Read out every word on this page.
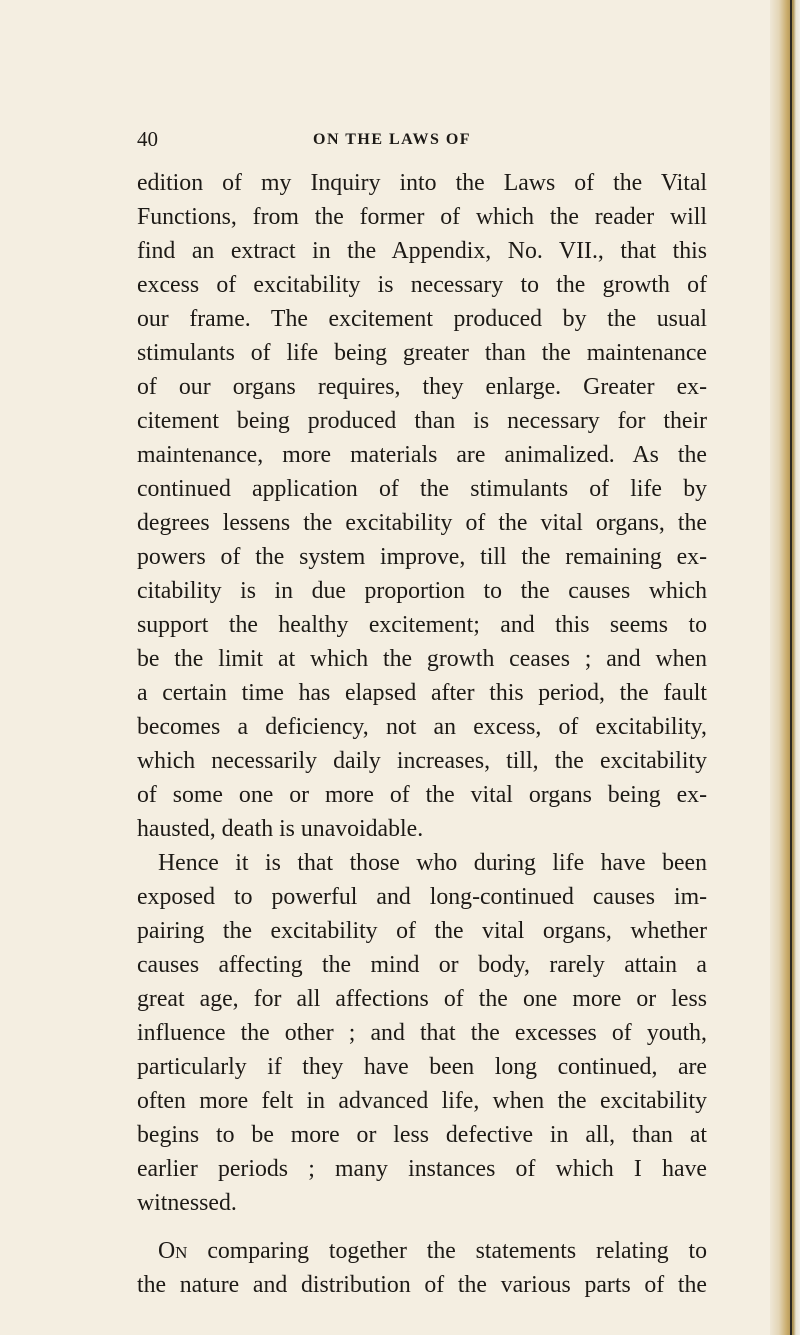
40	ON THE LAWS OF
edition of my Inquiry into the Laws of the Vital
Functions, from the former of which the reader will
find an extract in the Appendix, No. VII., that this
excess of excitability is necessary to the growth of
our frame. The excitement produced by the usual
stimulants of life being greater than the maintenance
of our organs requires, they enlarge. Greater ex-
citement being produced than is necessary for their
maintenance, more materials are animalized. As the
continued application of the stimulants of life by
degrees lessens the excitability of the vital organs, the
powers of the system improve, till the remaining ex-
citability is in due proportion to the causes which
support the healthy excitement; and this seems to
be the limit at which the growth ceases ; and when
a certain time has elapsed after this period, the fault
becomes a deficiency, not an excess, of excitability,
which necessarily daily increases, till, the excitability
of some one or more of the vital organs being ex-
hausted, death is unavoidable.
Hence it is that those who during life have been
exposed to powerful and long-continued causes im-
pairing the excitability of the vital organs, whether
causes affecting the mind or body, rarely attain a
great age, for all affections of the one more or less
influence the other ; and that the excesses of youth,
particularly if they have been long continued, are
often more felt in advanced life, when the excitability
begins to be more or less defective in all, than at
earlier periods ; many instances of which I have
witnessed.
On comparing together the statements relating to
the nature and distribution of the various parts of the
